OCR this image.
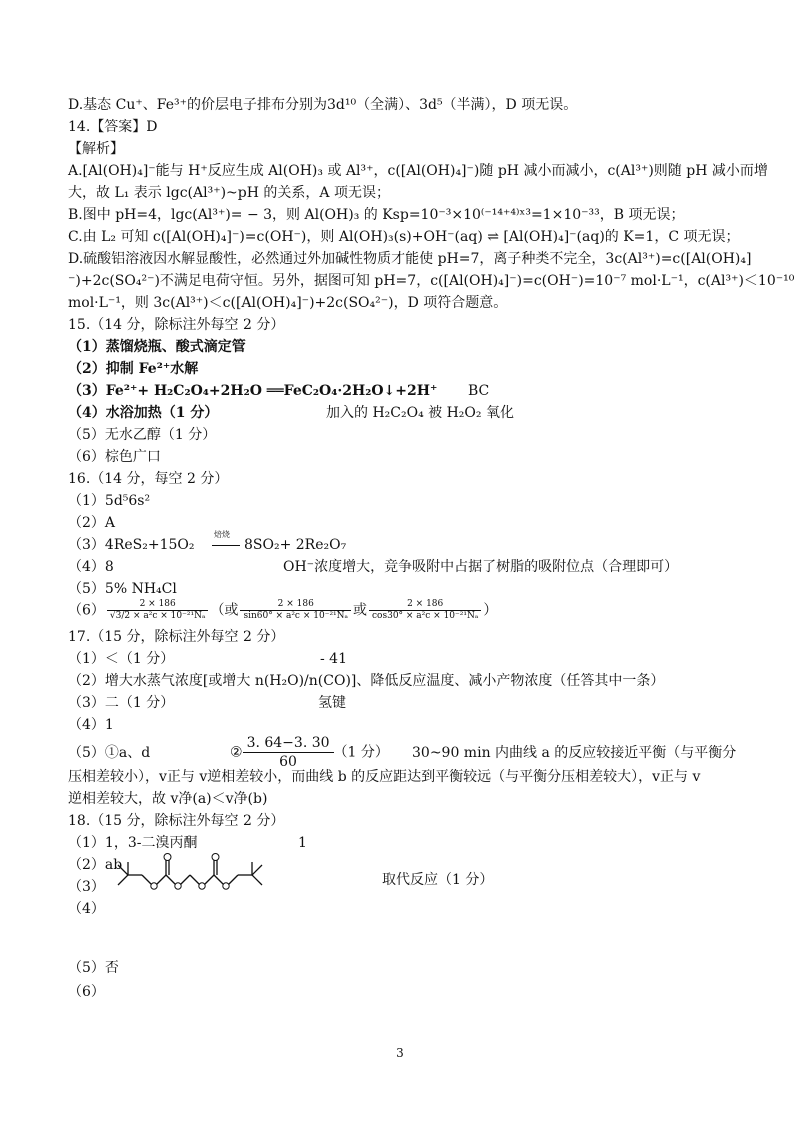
D.基态 Cu⁺、Fe³⁺的价层电子排布分别为3d¹⁰（全满）、3d⁵（半满），D 项无误。
14.【答案】D
【解析】
A.[Al(OH)₄]⁻能与 H⁺反应生成 Al(OH)₃ 或 Al³⁺，c([Al(OH)₄]⁻)随 pH 减小而减小，c(Al³⁺)则随 pH 减小而增
大，故 L₁ 表示 lgc(Al³⁺)~pH 的关系，A 项无误；
B.图中 pH=4，lgc(Al³⁺)= − 3，则 Al(OH)₃ 的 Ksp=10⁻³×10⁽⁻¹⁴⁺⁴⁾ˣ³=1×10⁻³³，B 项无误；
C.由 L₂ 可知 c([Al(OH)₄]⁻)=c(OH⁻)，则 Al(OH)₃(s)+OH⁻(aq) ⇌ [Al(OH)₄]⁻(aq)的 K=1，C 项无误；
D.硫酸铝溶液因水解显酸性，必然通过外加碱性物质才能使 pH=7，离子种类不完全，3c(Al³⁺)=c([Al(OH)₄]
⁻)+2c(SO₄²⁻)不满足电荷守恒。另外，据图可知 pH=7，c([Al(OH)₄]⁻)=c(OH⁻)=10⁻⁷ mol·L⁻¹，c(Al³⁺)＜10⁻¹⁰
mol·L⁻¹，则 3c(Al³⁺)＜c([Al(OH)₄]⁻)+2c(SO₄²⁻)，D 项符合题意。
15.（14 分，除标注外每空 2 分）
（1）蒸馏烧瓶、酸式滴定管
（2）抑制 Fe²⁺水解
（3）Fe²⁺+ H₂C₂O₄+2H₂O ══FeC₂O₄·2H₂O↓+2H⁺ BC
（4）水浴加热（1 分）	加入的 H₂C₂O₄ 被 H₂O₂ 氧化
（5）无水乙醇（1 分）
（6）棕色广口
16.（14 分，每空 2 分）
（1）5d⁵6s²
（2）A
（3）4ReS₂+15O₂
焙烧
8SO₂+ 2Re₂O₇
（4）8	OH⁻浓度增大，竞争吸附中占据了树脂的吸附位点（合理即可）
（5）5% NH₄Cl
$(6) \frac{2 \times 186}{\text{√3/2 × a²c × 10⁻²¹Nₐ}}$ （或 $\frac{2 \times 186}{\text{sin60° × a²c × 10⁻²¹Nₐ}}$ 或 $\frac{2 \times 186}{\text{cos30° × a²c × 10⁻²¹Nₐ}}$ ）
17.（15 分，除标注外每空 2 分）
（1）＜（1 分）	- 41
（2）增大水蒸气浓度[或增大 n(H₂O)/n(CO)]、降低反应温度、减小产物浓度（任答其中一条）
（3）二（1 分）	氢键
（4）1
（5）①a、d	② $\frac{3. 64-3. 30}{60} (1$ 分） 30~90 min 内曲线 a 的反应较接近平衡（与平衡分
压相差较小），v正与 v逆相差较小，而曲线 b 的反应距达到平衡较远（与平衡分压相差较大），v正与 v
逆相差较大，故 v净(a)＜v净(b)
18.（15 分，除标注外每空 2 分）
（1）1，3-二溴丙酮	1
（2）ab
（3）	取代反应（1 分）
（4）
（5）否
（6）
3
